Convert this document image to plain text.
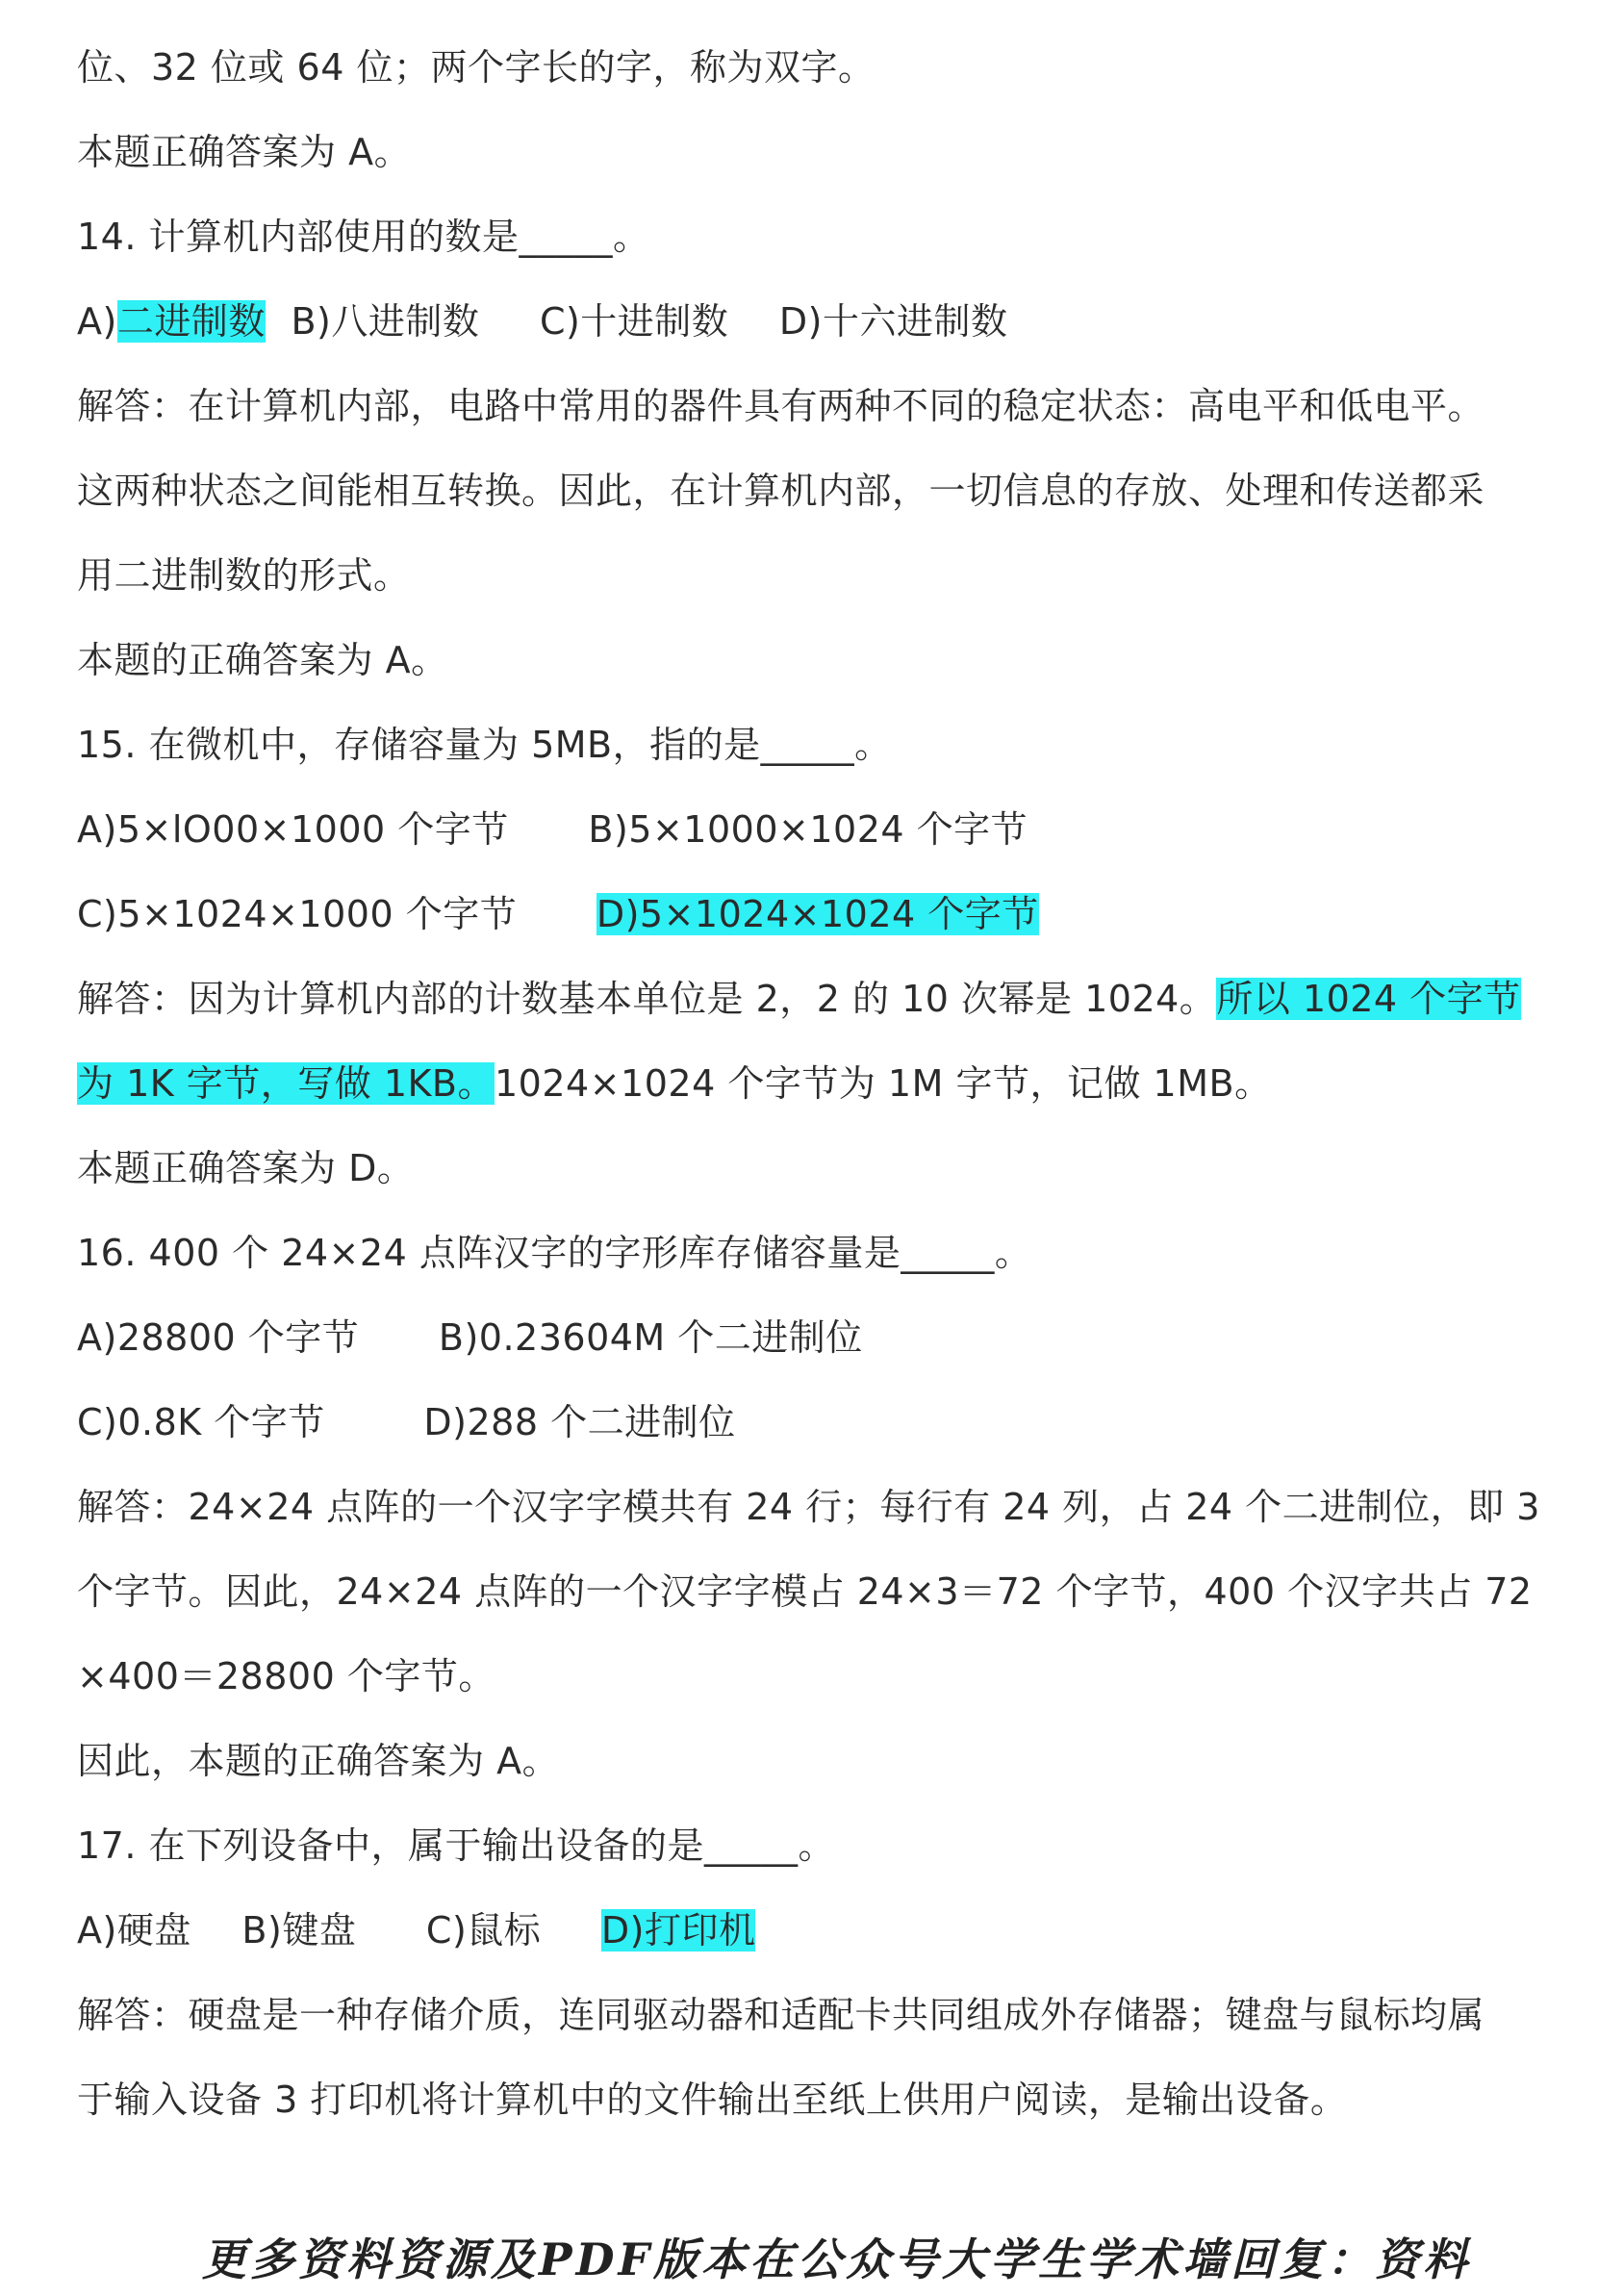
位、32 位或 64 位；两个字长的字，称为双字。
本题正确答案为 A。
14. 计算机内部使用的数是_____。
A)二进制数 B)八进制数 C)十进制数 D)十六进制数
解答：在计算机内部，电路中常用的器件具有两种不同的稳定状态：高电平和低电平。
这两种状态之间能相互转换。因此，在计算机内部，一切信息的存放、处理和传送都采
用二进制数的形式。
本题的正确答案为 A。
15. 在微机中，存储容量为 5MB，指的是_____。
A)5×lO00×1000 个字节 B)5×1000×1024 个字节
C)5×1024×1000 个字节 D)5×1024×1024 个字节
解答：因为计算机内部的计数基本单位是 2，2 的 10 次幂是 1024。所以 1024 个字节
为 1K 字节，写做 1KB。1024×1024 个字节为 1M 字节，记做 1MB。
本题正确答案为 D。
16. 400 个 24×24 点阵汉字的字形库存储容量是_____。
A)28800 个字节 B)0.23604M 个二进制位
C)0.8K 个字节	D)288 个二进制位
解答：24×24 点阵的一个汉字字模共有 24 行；每行有 24 列，占 24 个二进制位，即 3
个字节。因此，24×24 点阵的一个汉字字模占 24×3＝72 个字节，400 个汉字共占 72
×400＝28800 个字节。
因此，本题的正确答案为 A。
17. 在下列设备中，属于输出设备的是_____。
A)硬盘 B)键盘 C)鼠标 D)打印机
解答：硬盘是一种存储介质，连同驱动器和适配卡共同组成外存储器；键盘与鼠标均属
于输入设备 3 打印机将计算机中的文件输出至纸上供用户阅读，是输出设备。
更多资料资源及PDF版本在公众号大学生学术墙回复：资料
